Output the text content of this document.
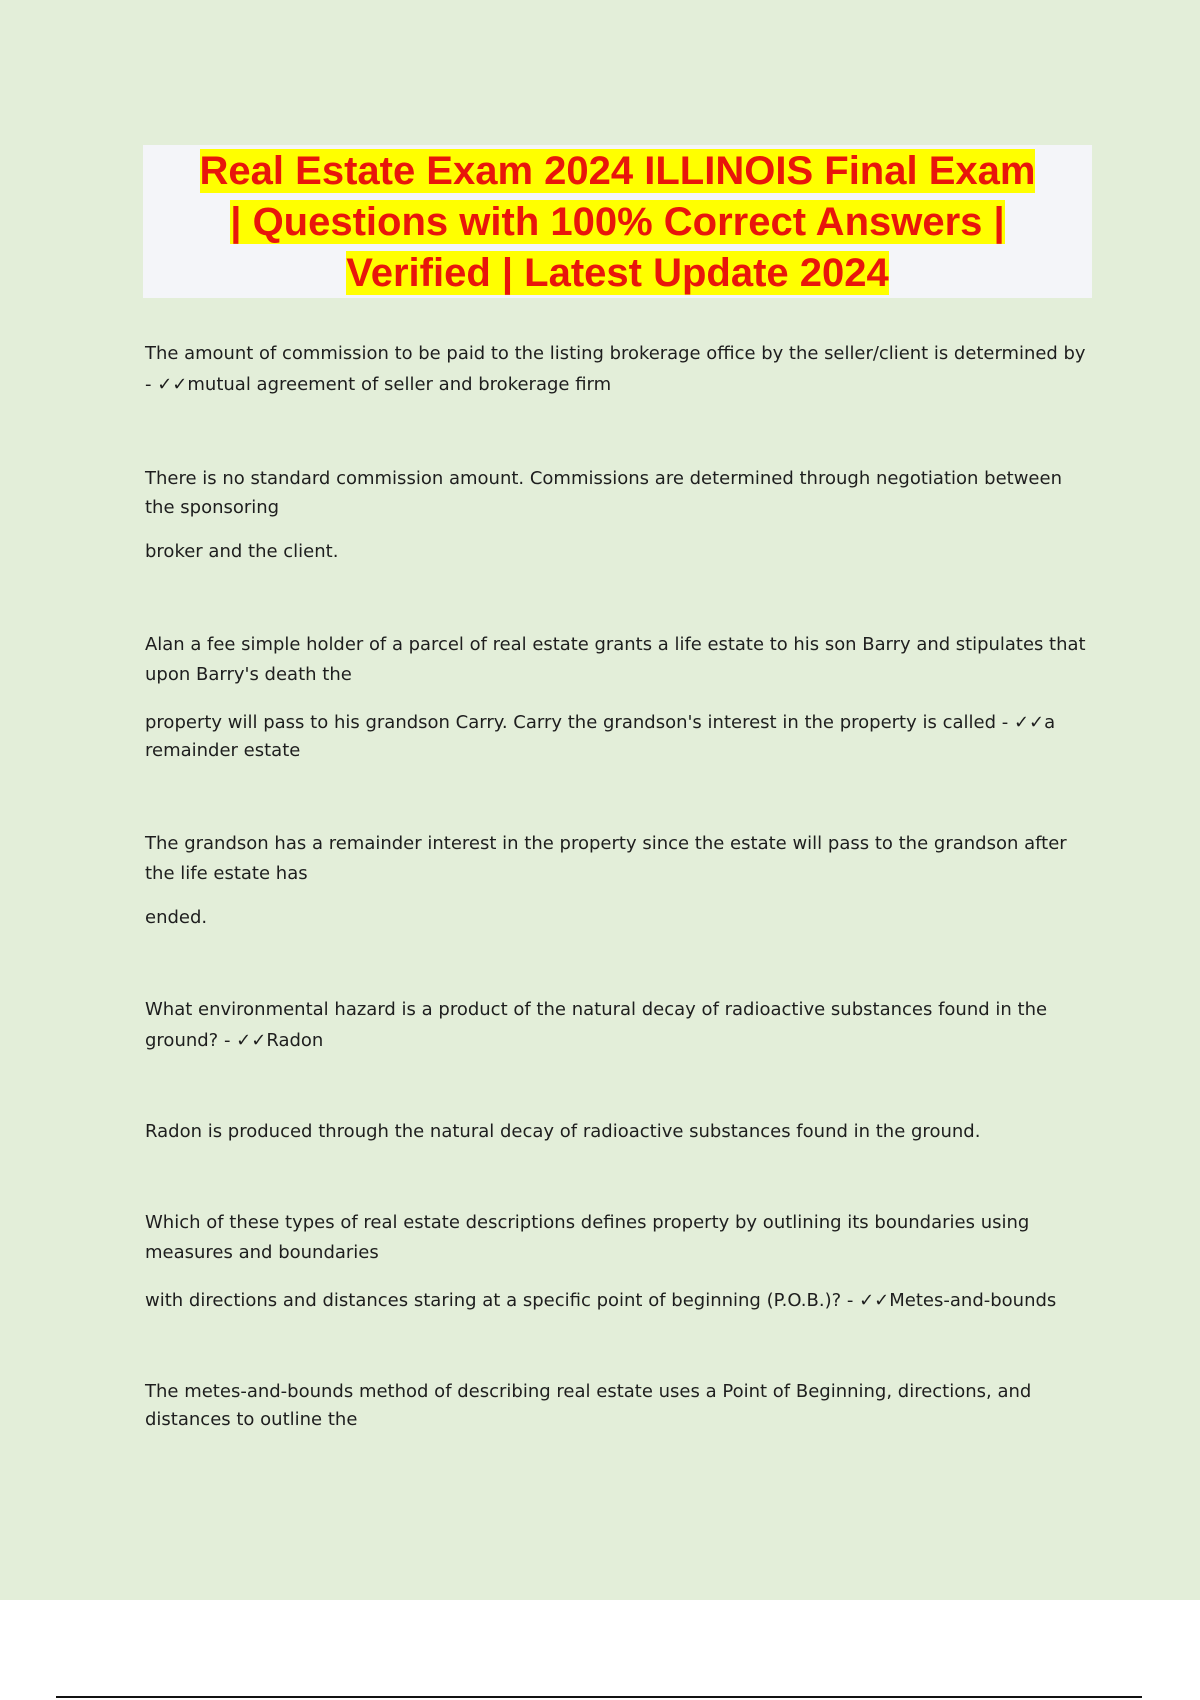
Real Estate Exam 2024 ILLINOIS Final Exam
| Questions with 100% Correct Answers |
Verified | Latest Update 2024
The amount of commission to be paid to the listing brokerage office by the seller/client is determined by
- ✓✓mutual agreement of seller and brokerage firm
There is no standard commission amount. Commissions are determined through negotiation between
the sponsoring
broker and the client.
Alan a fee simple holder of a parcel of real estate grants a life estate to his son Barry and stipulates that
upon Barry's death the
property will pass to his grandson Carry. Carry the grandson's interest in the property is called - ✓✓a
remainder estate
The grandson has a remainder interest in the property since the estate will pass to the grandson after
the life estate has
ended.
What environmental hazard is a product of the natural decay of radioactive substances found in the
ground? - ✓✓Radon
Radon is produced through the natural decay of radioactive substances found in the ground.
Which of these types of real estate descriptions defines property by outlining its boundaries using
measures and boundaries
with directions and distances staring at a specific point of beginning (P.O.B.)? - ✓✓Metes-and-bounds
The metes-and-bounds method of describing real estate uses a Point of Beginning, directions, and
distances to outline the
